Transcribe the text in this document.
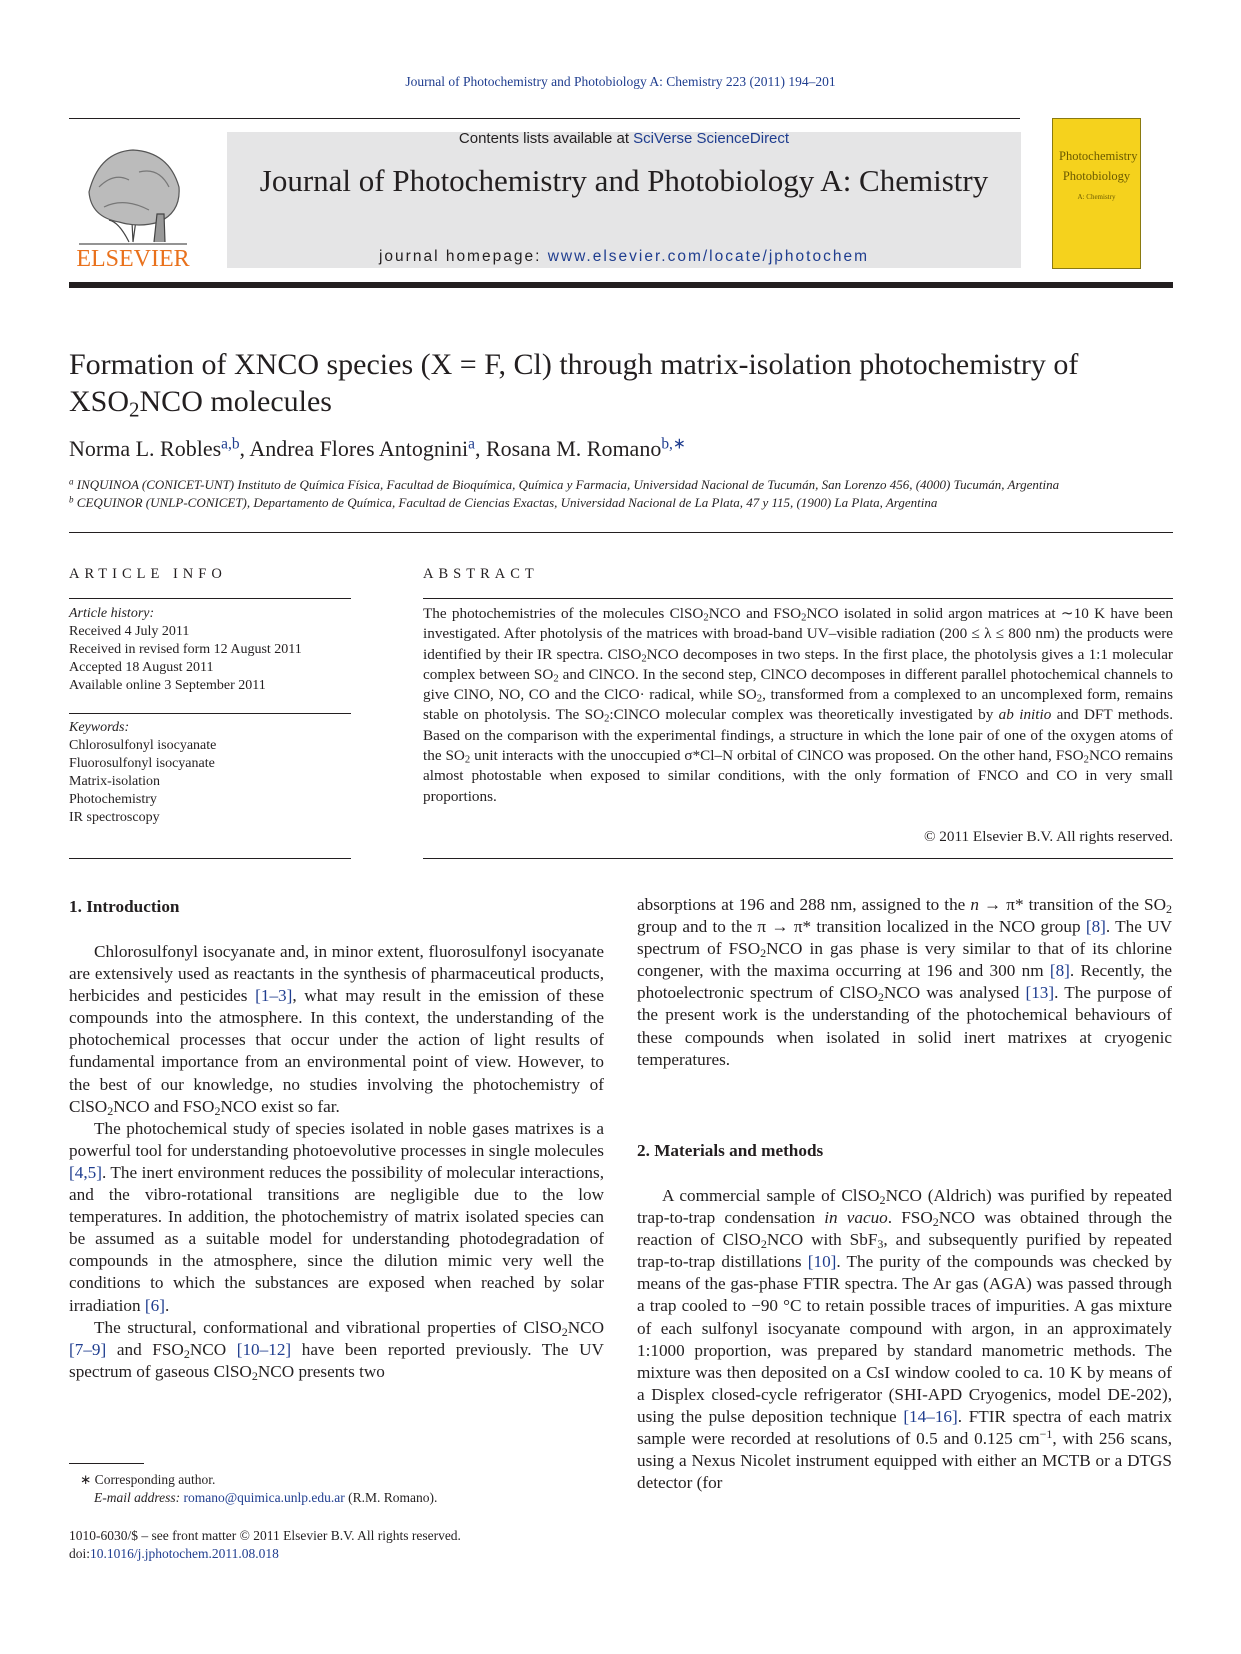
Journal of Photochemistry and Photobiology A: Chemistry 223 (2011) 194–201
ELSEVIER
Contents lists available at SciVerse ScienceDirect
Journal of Photochemistry and Photobiology A: Chemistry
journal homepage: www.elsevier.com/locate/jphotochem
Photochemistry
Photobiology
A: Chemistry
Formation of XNCO species (X = F, Cl) through matrix-isolation photochemistry of $XSO_2NCO$ molecules
Norma L. Robles$^{a,b}$, Andrea Flores Antognini$^a$, Rosana M. Romano$^{b,∗}$
$^a$ INQUINOA (CONICET-UNT) Instituto de Química Física, Facultad de Bioquímica, Química y Farmacia, Universidad Nacional de Tucumán, San Lorenzo 456, (4000) Tucumán, Argentina
$^b$ CEQUINOR (UNLP-CONICET), Departamento de Química, Facultad de Ciencias Exactas, Universidad Nacional de La Plata, 47 y 115, (1900) La Plata, Argentina
ARTICLE INFO
Article history:
Received 4 July 2011
Received in revised form 12 August 2011
Accepted 18 August 2011
Available online 3 September 2011
Keywords:
Chlorosulfonyl isocyanate
Fluorosulfonyl isocyanate
Matrix-isolation
Photochemistry
IR spectroscopy
ABSTRACT
The photochemistries of the molecules ClSO$_2$NCO and $FSO_2NCO$ isolated in solid argon matrices at ∼10 K have been investigated. After photolysis of the matrices with broad-band UV–visible radiation (200 ≤ λ ≤ 800 nm) the products were identified by their IR spectra. ClSO$_2$NCO decomposes in two steps. In the first place, the photolysis gives a 1:1 molecular complex between $SO_2$ and ClNCO. In the second step, ClNCO decomposes in different parallel photochemical channels to give ClNO, NO, CO and the ClCO· radical, while $SO_2$, transformed from a complexed to an uncomplexed form, remains stable on photolysis. The $SO_2:ClNCO$ molecular complex was theoretically investigated by ab initio and DFT methods. Based on the comparison with the experimental findings, a structure in which the lone pair of one of the oxygen atoms of the $SO_2$ unit interacts with the unoccupied σ*Cl–N orbital of ClNCO was proposed. On the other hand, $FSO_2NCO$ remains almost photostable when exposed to similar conditions, with the only formation of FNCO and CO in very small proportions.
© 2011 Elsevier B.V. All rights reserved.
1. Introduction

Chlorosulfonyl isocyanate and, in minor extent, fluorosulfonyl isocyanate are extensively used as reactants in the synthesis of pharmaceutical products, herbicides and pesticides [1–3], what may result in the emission of these compounds into the atmosphere. In this context, the understanding of the photochemical processes that occur under the action of light results of fundamental importance from an environmental point of view. However, to the best of our knowledge, no studies involving the photochemistry of ClSO$_2$NCO and $FSO_2NCO$ exist so far.

The photochemical study of species isolated in noble gases matrixes is a powerful tool for understanding photoevolutive processes in single molecules [4,5]. The inert environment reduces the possibility of molecular interactions, and the vibro-rotational transitions are negligible due to the low temperatures. In addition, the photochemistry of matrix isolated species can be assumed as a suitable model for understanding photodegradation of compounds in the atmosphere, since the dilution mimic very well the conditions to which the substances are exposed when reached by solar irradiation [6].

The structural, conformational and vibrational properties of ClSO$_2$NCO [7–9] and $FSO_2NCO$ [10–12] have been reported previously. The UV spectrum of gaseous ClSO$_2$NCO presents two

∗ Corresponding author.
E-mail address: romano@quimica.unlp.edu.ar (R.M. Romano).
1010-6030/$ – see front matter © 2011 Elsevier B.V. All rights reserved.
doi:10.1016/j.jphotochem.2011.08.018

absorptions at 196 and 288 nm, assigned to the n → π* transition of the $SO_2$ group and to the π → π* transition localized in the NCO group [8]. The UV spectrum of $FSO_2NCO$ in gas phase is very similar to that of its chlorine congener, with the maxima occurring at 196 and 300 nm [8]. Recently, the photoelectronic spectrum of ClSO$_2$NCO was analysed [13]. The purpose of the present work is the understanding of the photochemical behaviours of these compounds when isolated in solid inert matrixes at cryogenic temperatures.

2. Materials and methods

A commercial sample of ClSO$_2$NCO (Aldrich) was purified by repeated trap-to-trap condensation in vacuo. $FSO_2NCO$ was obtained through the reaction of ClSO$_2$NCO with SbF$_3$, and subsequently purified by repeated trap-to-trap distillations [10]. The purity of the compounds was checked by means of the gas-phase FTIR spectra. The Ar gas (AGA) was passed through a trap cooled to −90 °C to retain possible traces of impurities. A gas mixture of each sulfonyl isocyanate compound with argon, in an approximately 1:1000 proportion, was prepared by standard manometric methods. The mixture was then deposited on a CsI window cooled to ca. 10 K by means of a Displex closed-cycle refrigerator (SHI-APD Cryogenics, model DE-202), using the pulse deposition technique [14–16]. FTIR spectra of each matrix sample were recorded at resolutions of 0.5 and 0.125 $cm^{-1}$, with 256 scans, using a Nexus Nicolet instrument equipped with either an MCTB or a DTGS detector (for
